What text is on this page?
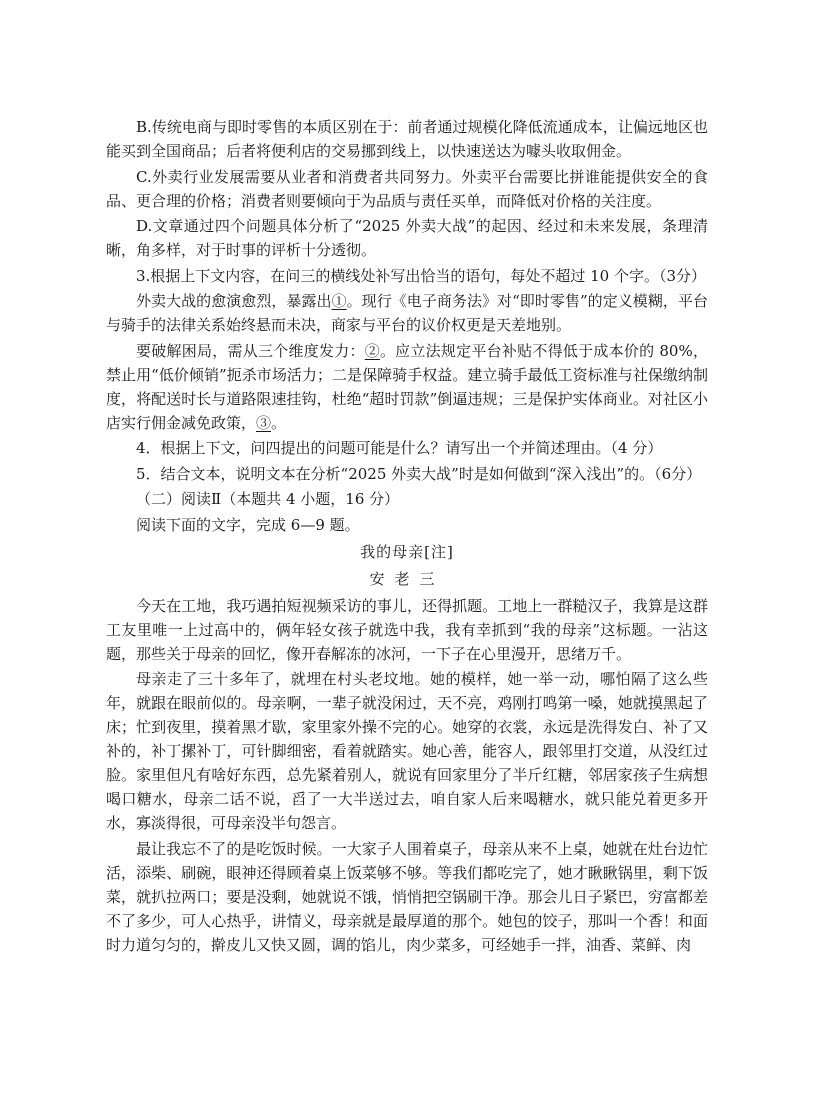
B.传统电商与即时零售的本质区别在于：前者通过规模化降低流通成本，让偏远地区也能买到全国商品；后者将便利店的交易挪到线上，以快速送达为噱头收取佣金。

C.外卖行业发展需要从业者和消费者共同努力。外卖平台需要比拼谁能提供安全的食品、更合理的价格；消费者则要倾向于为品质与责任买单，而降低对价格的关注度。

D.文章通过四个问题具体分析了“2025 外卖大战”的起因、经过和未来发展，条理清晰，角多样，对于时事的评析十分透彻。

3.根据上下文内容，在问三的横线处补写出恰当的语句，每处不超过 10 个字。（3分）

外卖大战的愈演愈烈，暴露出①。现行《电子商务法》对“即时零售”的定义模糊，平台与骑手的法律关系始终悬而未决，商家与平台的议价权更是天差地别。

要破解困局，需从三个维度发力：②。应立法规定平台补贴不得低于成本价的 80%，禁止用“低价倾销”扼杀市场活力；二是保障骑手权益。建立骑手最低工资标准与社保缴纳制度，将配送时长与道路限速挂钩，杜绝“超时罚款”倒逼违规；三是保护实体商业。对社区小店实行佣金减免政策，③。

4．根据上下文，问四提出的问题可能是什么？请写出一个并简述理由。（4 分）

5．结合文本，说明文本在分析“2025 外卖大战”时是如何做到“深入浅出”的。（6分）

（二）阅读Ⅱ（本题共 4 小题，16 分）

阅读下面的文字，完成 6—9 题。

我的母亲[注]

安老三

今天在工地，我巧遇拍短视频采访的事儿，还得抓题。工地上一群糙汉子，我算是这群工友里唯一上过高中的，俩年轻女孩子就选中我，我有幸抓到“我的母亲”这标题。一沾这题，那些关于母亲的回忆，像开春解冻的冰河，一下子在心里漫开，思绪万千。

母亲走了三十多年了，就埋在村头老坟地。她的模样，她一举一动，哪怕隔了这么些年，就跟在眼前似的。母亲啊，一辈子就没闲过，天不亮，鸡刚打鸣第一嗓，她就摸黑起了床；忙到夜里，摸着黑才歇，家里家外操不完的心。她穿的衣裳，永远是洗得发白、补了又补的，补丁摞补丁，可针脚细密，看着就踏实。她心善，能容人，跟邻里打交道，从没红过脸。家里但凡有啥好东西，总先紧着别人，就说有回家里分了半斤红糖，邻居家孩子生病想喝口糖水，母亲二话不说，舀了一大半送过去，咱自家人后来喝糖水，就只能兑着更多开水，寡淡得很，可母亲没半句怨言。

最让我忘不了的是吃饭时候。一大家子人围着桌子，母亲从来不上桌，她就在灶台边忙活，添柴、刷碗，眼神还得顾着桌上饭菜够不够。等我们都吃完了，她才瞅瞅锅里，剩下饭菜，就扒拉两口；要是没剩，她就说不饿，悄悄把空锅刷干净。那会儿日子紧巴，穷富都差不了多少，可人心热乎，讲情义，母亲就是最厚道的那个。她包的饺子，那叫一个香！和面时力道匀匀的，擀皮儿又快又圆，调的馅儿，肉少菜多，可经她手一拌，油香、菜鲜、肉
